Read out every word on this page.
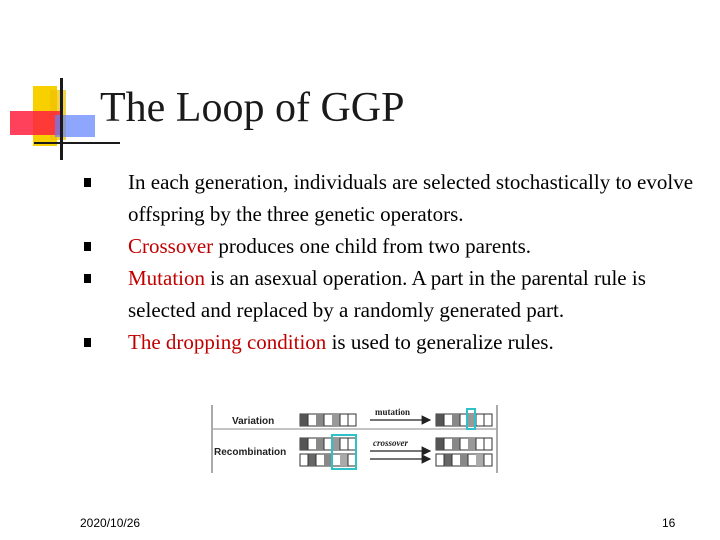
The Loop of GGP
In each generation, individuals are selected stochastically to evolve offspring by the three genetic operators.
Crossover produces one child from two parents.
Mutation is an asexual operation. A part in the parental rule is selected and replaced by a randomly generated part.
The dropping condition is used to generalize rules.
Variation
Recombination
mutation
crossover
2020/10/26	16
